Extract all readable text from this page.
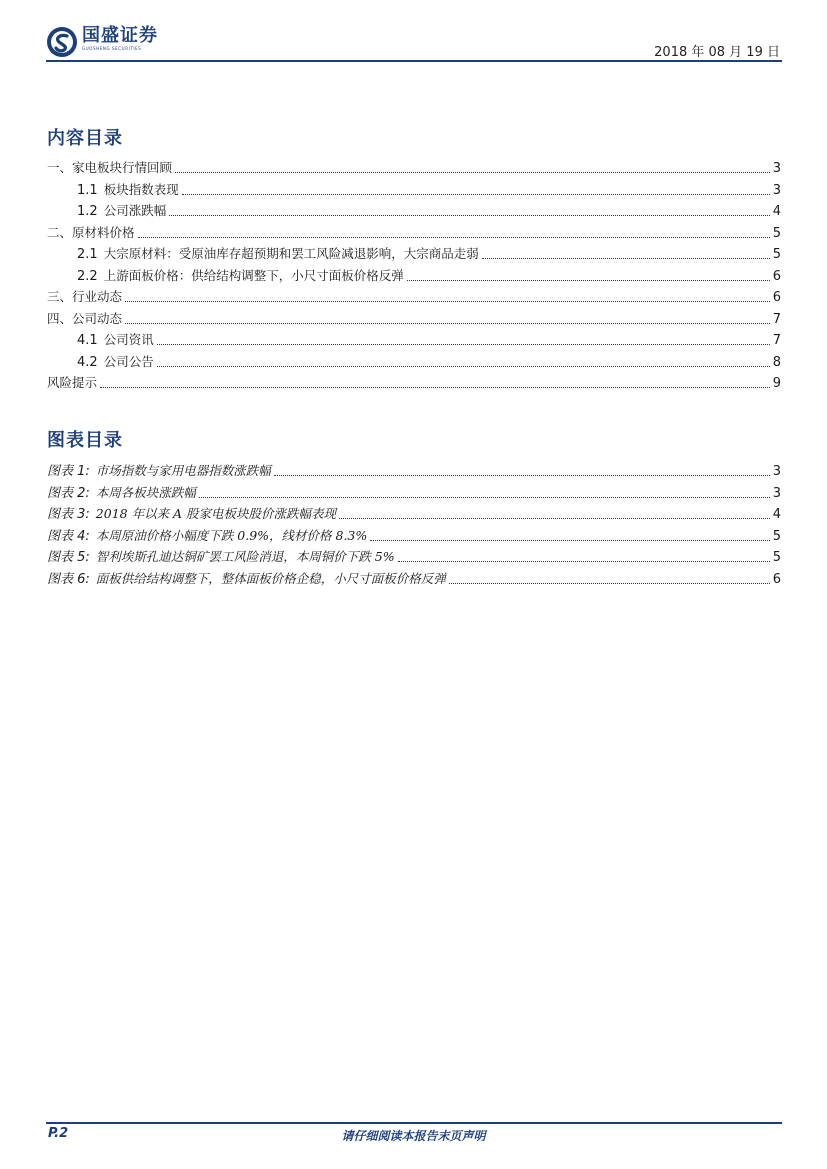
国盛证券
GUOSHENG SECURITIES	2018 年 08 月 19 日
内容目录
一、家电板块行情回顾	3
1.1 板块指数表现	3
1.2 公司涨跌幅	4
二、原材料价格	5
2.1 大宗原材料：受原油库存超预期和罢工风险减退影响，大宗商品走弱	5
2.2 上游面板价格：供给结构调整下，小尺寸面板价格反弹	6
三、行业动态	6
四、公司动态	7
4.1 公司资讯	7
4.2 公司公告	8
风险提示	9
图表目录
图表 1: 市场指数与家用电器指数涨跌幅	3
图表 2: 本周各板块涨跌幅	3
图表 3: 2018 年以来 A 股家电板块股价涨跌幅表现	4
图表 4: 本周原油价格小幅度下跌 0.9%，线材价格 8.3%	5
图表 5: 智利埃斯孔迪达铜矿罢工风险消退，本周铜价下跌 5%	5
图表 6: 面板供给结构调整下，整体面板价格企稳，小尺寸面板价格反弹	6
P.2	请仔细阅读本报告末页声明
